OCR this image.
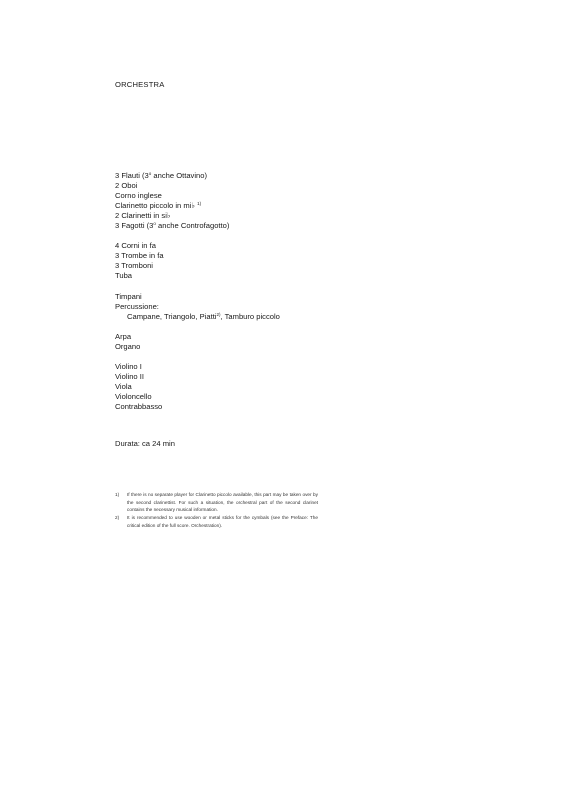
ORCHESTRA
3 Flauti (3$^o$ anche Ottavino)
2 Oboi
Corno inglese
Clarinetto piccolo in mi♭ $^{1)}$
2 Clarinetti in si♭
3 Fagotti (3$^o$ anche Controfagotto)
4 Corni in fa
3 Trombe in fa
3 Tromboni
Tuba
Timpani
Percussione:
Campane, Triangolo, Piatti$^{2)}$, Tamburo piccolo
Arpa
Organo
Violino I
Violino II
Viola
Violoncello
Contrabbasso
Durata: ca 24 min
1)	If there is no separate player for Clarinetto piccolo available, this part may be taken over by the second clarinettist. For such a situation, the orchestral part of the second clarinet contains the necessary musical information.
2)	It is recommended to use wooden or metal sticks for the cymbals (see the Preface: The critical edition of the full score. Orchestration).
